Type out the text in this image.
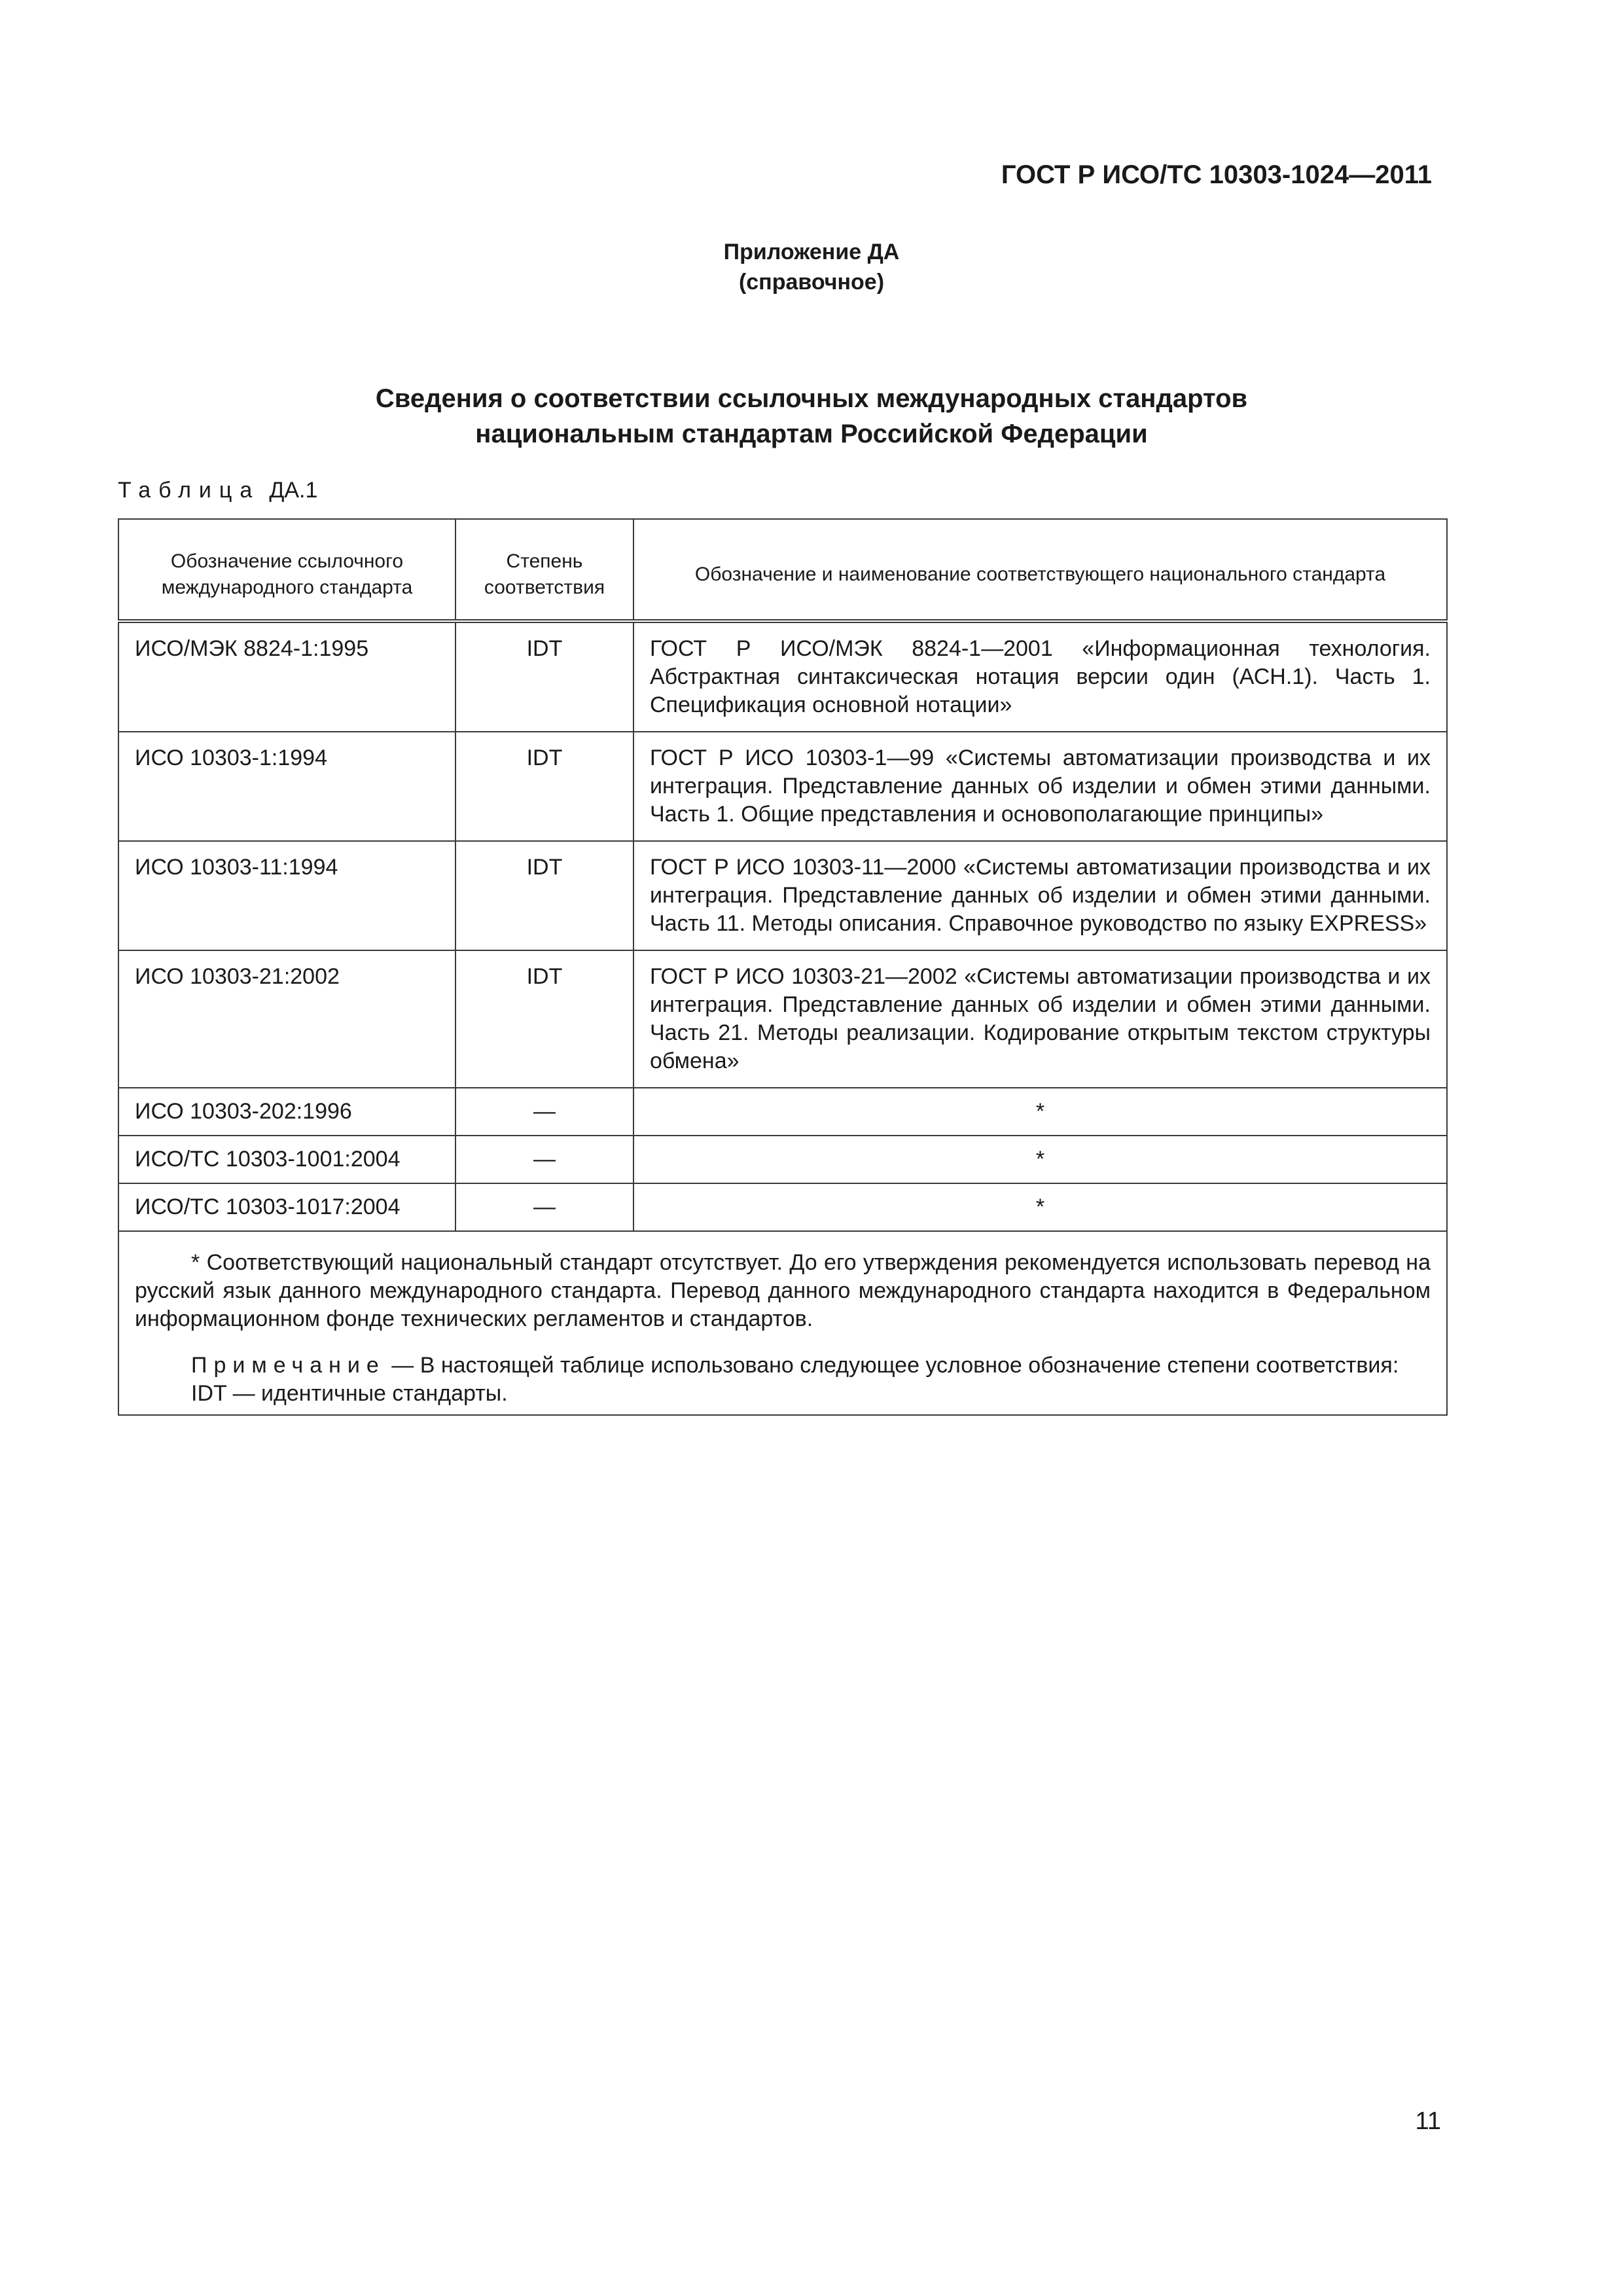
ГОСТ Р ИСО/ТС 10303-1024—2011
Приложение ДА
(справочное)
Сведения о соответствии ссылочных международных стандартов
национальным стандартам Российской Федерации
Таблица ДА.1
Обозначение ссылочного международного стандарта	Степень соответствия	Обозначение и наименование соответствующего национального стандарта
ИСО/МЭК 8824-1:1995	IDT	ГОСТ Р ИСО/МЭК 8824-1—2001 «Информационная технология. Абстрактная синтаксическая нотация версии один (АСН.1). Часть 1. Спецификация основной нотации»
ИСО 10303-1:1994	IDT	ГОСТ Р ИСО 10303-1—99 «Системы автоматизации производства и их интеграция. Представление данных об изделии и обмен этими данными. Часть 1. Общие представления и основополагающие принципы»
ИСО 10303-11:1994	IDT	ГОСТ Р ИСО 10303-11—2000 «Системы автоматизации производства и их интеграция. Представление данных об изделии и обмен этими данными. Часть 11. Методы описания. Справочное руководство по языку EXPRESS»
ИСО 10303-21:2002	IDT	ГОСТ Р ИСО 10303-21—2002 «Системы автоматизации производства и их интеграция. Представление данных об изделии и обмен этими данными. Часть 21. Методы реализации. Кодирование открытым текстом структуры обмена»
ИСО 10303-202:1996	—	*
ИСО/ТС 10303-1001:2004	—	*
ИСО/ТС 10303-1017:2004	—	*

* Соответствующий национальный стандарт отсутствует. До его утверждения рекомендуется использовать перевод на русский язык данного международного стандарта. Перевод данного международного стандарта находится в Федеральном информационном фонде технических регламентов и стандартов.

Примечание — В настоящей таблице использовано следующее условное обозначение степени соответствия:

IDT — идентичные стандарты.		

11
